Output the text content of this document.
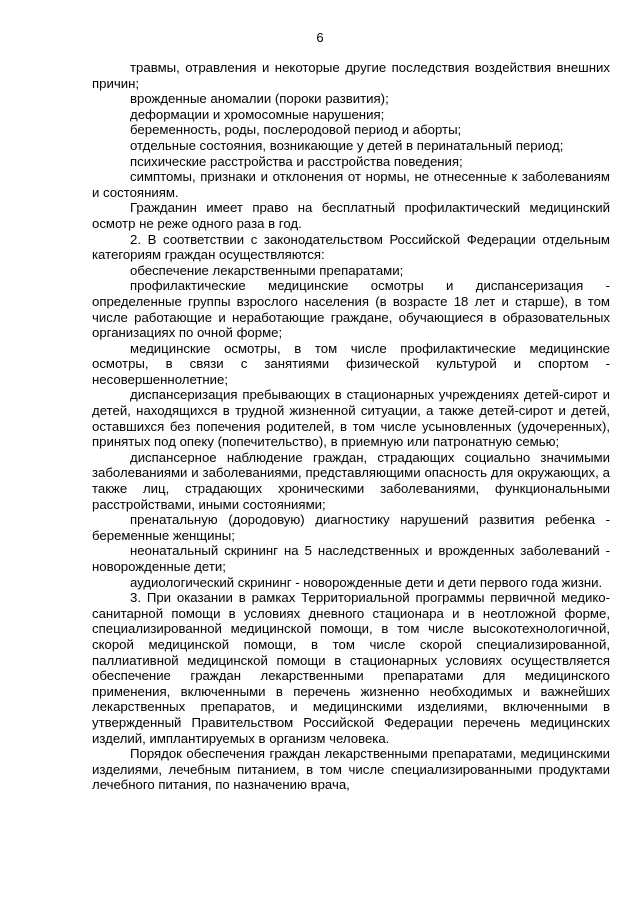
6

травмы, отравления и некоторые другие последствия воздействия внешних причин;

врожденные аномалии (пороки развития);

деформации и хромосомные нарушения;

беременность, роды, послеродовой период и аборты;

отдельные состояния, возникающие у детей в перинатальный период;

психические расстройства и расстройства поведения;

симптомы, признаки и отклонения от нормы, не отнесенные к заболеваниям и состояниям.

Гражданин имеет право на бесплатный профилактический медицинский осмотр не реже одного раза в год.

2. В соответствии с законодательством Российской Федерации отдельным категориям граждан осуществляются:

обеспечение лекарственными препаратами;

профилактические медицинские осмотры и диспансеризация - определенные группы взрослого населения (в возрасте 18 лет и старше), в том числе работающие и неработающие граждане, обучающиеся в образовательных организациях по очной форме;

медицинские осмотры, в том числе профилактические медицинские осмотры, в связи с занятиями физической культурой и спортом - несовершеннолетние;

диспансеризация пребывающих в стационарных учреждениях детей-сирот и детей, находящихся в трудной жизненной ситуации, а также детей-сирот и детей, оставшихся без попечения родителей, в том числе усыновленных (удочеренных), принятых под опеку (попечительство), в приемную или патронатную семью;

диспансерное наблюдение граждан, страдающих социально значимыми заболеваниями и заболеваниями, представляющими опасность для окружающих, а также лиц, страдающих хроническими заболеваниями, функциональными расстройствами, иными состояниями;

пренатальную (дородовую) диагностику нарушений развития ребенка - беременные женщины;

неонатальный скрининг на 5 наследственных и врожденных заболеваний - новорожденные дети;

аудиологический скрининг - новорожденные дети и дети первого года жизни.

3. При оказании в рамках Территориальной программы первичной медико-санитарной помощи в условиях дневного стационара и в неотложной форме, специализированной медицинской помощи, в том числе высокотехнологичной, скорой медицинской помощи, в том числе скорой специализированной, паллиативной медицинской помощи в стационарных условиях осуществляется обеспечение граждан лекарственными препаратами для медицинского применения, включенными в перечень жизненно необходимых и важнейших лекарственных препаратов, и медицинскими изделиями, включенными в утвержденный Правительством Российской Федерации перечень медицинских изделий, имплантируемых в организм человека.

Порядок обеспечения граждан лекарственными препаратами, медицинскими изделиями, лечебным питанием, в том числе специализированными продуктами лечебного питания, по назначению врача,
